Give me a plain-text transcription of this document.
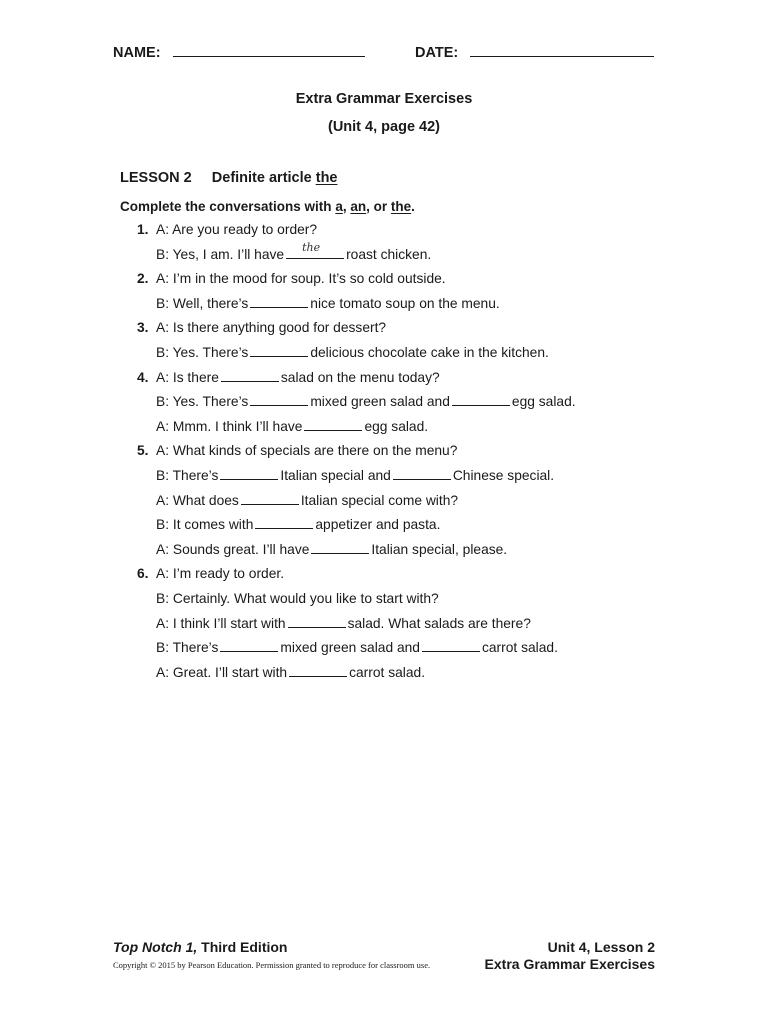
NAME:	DATE:
Extra Grammar Exercises
(Unit 4, page 42)
LESSON 2 Definite article the
Complete the conversations with a, an, or the.
1. A: Are you ready to order?
B: Yes, I am. I’ll have the roast chicken.
2. A: I’m in the mood for soup. It’s so cold outside.
B: Well, there’s	nice tomato soup on the menu.
3. A: Is there anything good for dessert?
B: Yes. There’s	delicious chocolate cake in the kitchen.
4. A: Is there	salad on the menu today?
B: Yes. There’s	mixed green salad and	egg salad.
A: Mmm. I think I’ll have	egg salad.
5. A: What kinds of specials are there on the menu?
B: There’s	Italian special and	Chinese special.
A: What does	Italian special come with?
B: It comes with	appetizer and pasta.
A: Sounds great. I’ll have	Italian special, please.
6. A: I’m ready to order.
B: Certainly. What would you like to start with?
A: I think I’ll start with	salad. What salads are there?
B: There’s	mixed green salad and	carrot salad.
A: Great. I’ll start with	carrot salad.
Top Notch 1, Third Edition
Copyright © 2015 by Pearson Education. Permission granted to reproduce for classroom use.
Unit 4, Lesson 2
Extra Grammar Exercises
